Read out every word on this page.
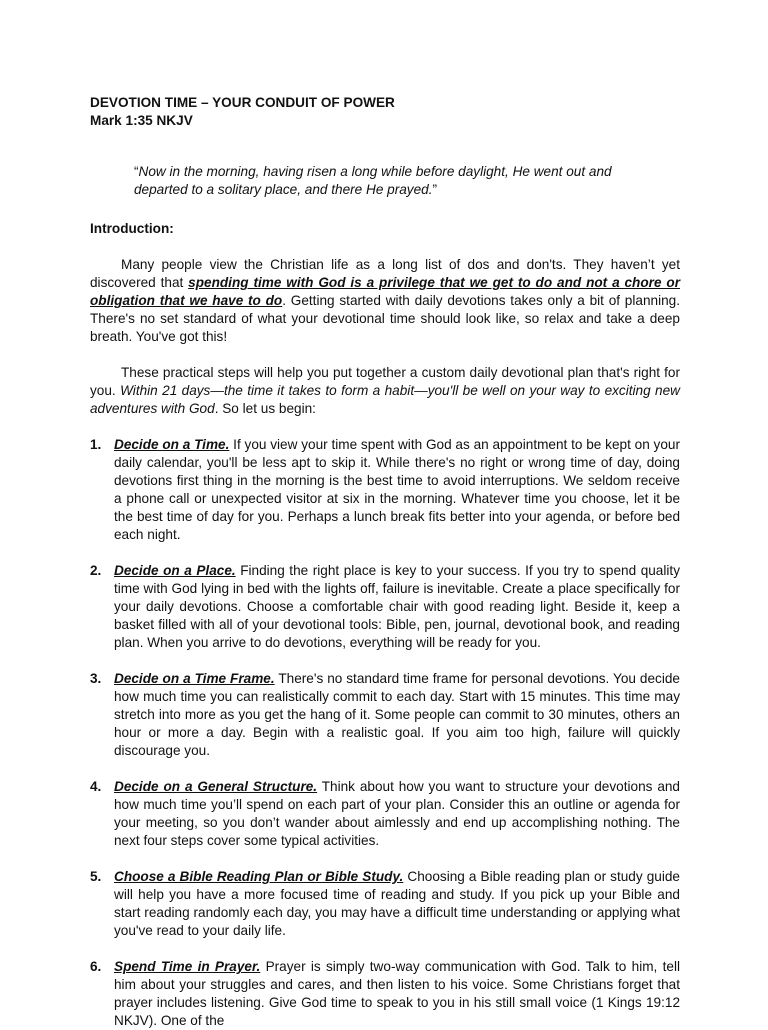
DEVOTION TIME – YOUR CONDUIT OF POWER
Mark 1:35 NKJV
“Now in the morning, having risen a long while before daylight, He went out and departed to a solitary place, and there He prayed.”
Introduction:

Many people view the Christian life as a long list of dos and don'ts. They haven’t yet discovered that spending time with God is a privilege that we get to do and not a chore or obligation that we have to do. Getting started with daily devotions takes only a bit of planning. There's no set standard of what your devotional time should look like, so relax and take a deep breath. You've got this!

These practical steps will help you put together a custom daily devotional plan that's right for you. Within 21 days—the time it takes to form a habit—you'll be well on your way to exciting new adventures with God. So let us begin:

1. Decide on a Time. If you view your time spent with God as an appointment to be kept on your daily calendar, you'll be less apt to skip it. While there's no right or wrong time of day, doing devotions first thing in the morning is the best time to avoid interruptions. We seldom receive a phone call or unexpected visitor at six in the morning. Whatever time you choose, let it be the best time of day for you. Perhaps a lunch break fits better into your agenda, or before bed each night.
2. Decide on a Place. Finding the right place is key to your success. If you try to spend quality time with God lying in bed with the lights off, failure is inevitable. Create a place specifically for your daily devotions. Choose a comfortable chair with good reading light. Beside it, keep a basket filled with all of your devotional tools: Bible, pen, journal, devotional book, and reading plan. When you arrive to do devotions, everything will be ready for you.
3. Decide on a Time Frame. There's no standard time frame for personal devotions. You decide how much time you can realistically commit to each day. Start with 15 minutes. This time may stretch into more as you get the hang of it. Some people can commit to 30 minutes, others an hour or more a day. Begin with a realistic goal. If you aim too high, failure will quickly discourage you.
4. Decide on a General Structure. Think about how you want to structure your devotions and how much time you’ll spend on each part of your plan. Consider this an outline or agenda for your meeting, so you don’t wander about aimlessly and end up accomplishing nothing. The next four steps cover some typical activities.
5. Choose a Bible Reading Plan or Bible Study. Choosing a Bible reading plan or study guide will help you have a more focused time of reading and study. If you pick up your Bible and start reading randomly each day, you may have a difficult time understanding or applying what you've read to your daily life.
6. Spend Time in Prayer. Prayer is simply two-way communication with God. Talk to him, tell him about your struggles and cares, and then listen to his voice. Some Christians forget that prayer includes listening. Give God time to speak to you in his still small voice (1 Kings 19:12 NKJV). One of the
